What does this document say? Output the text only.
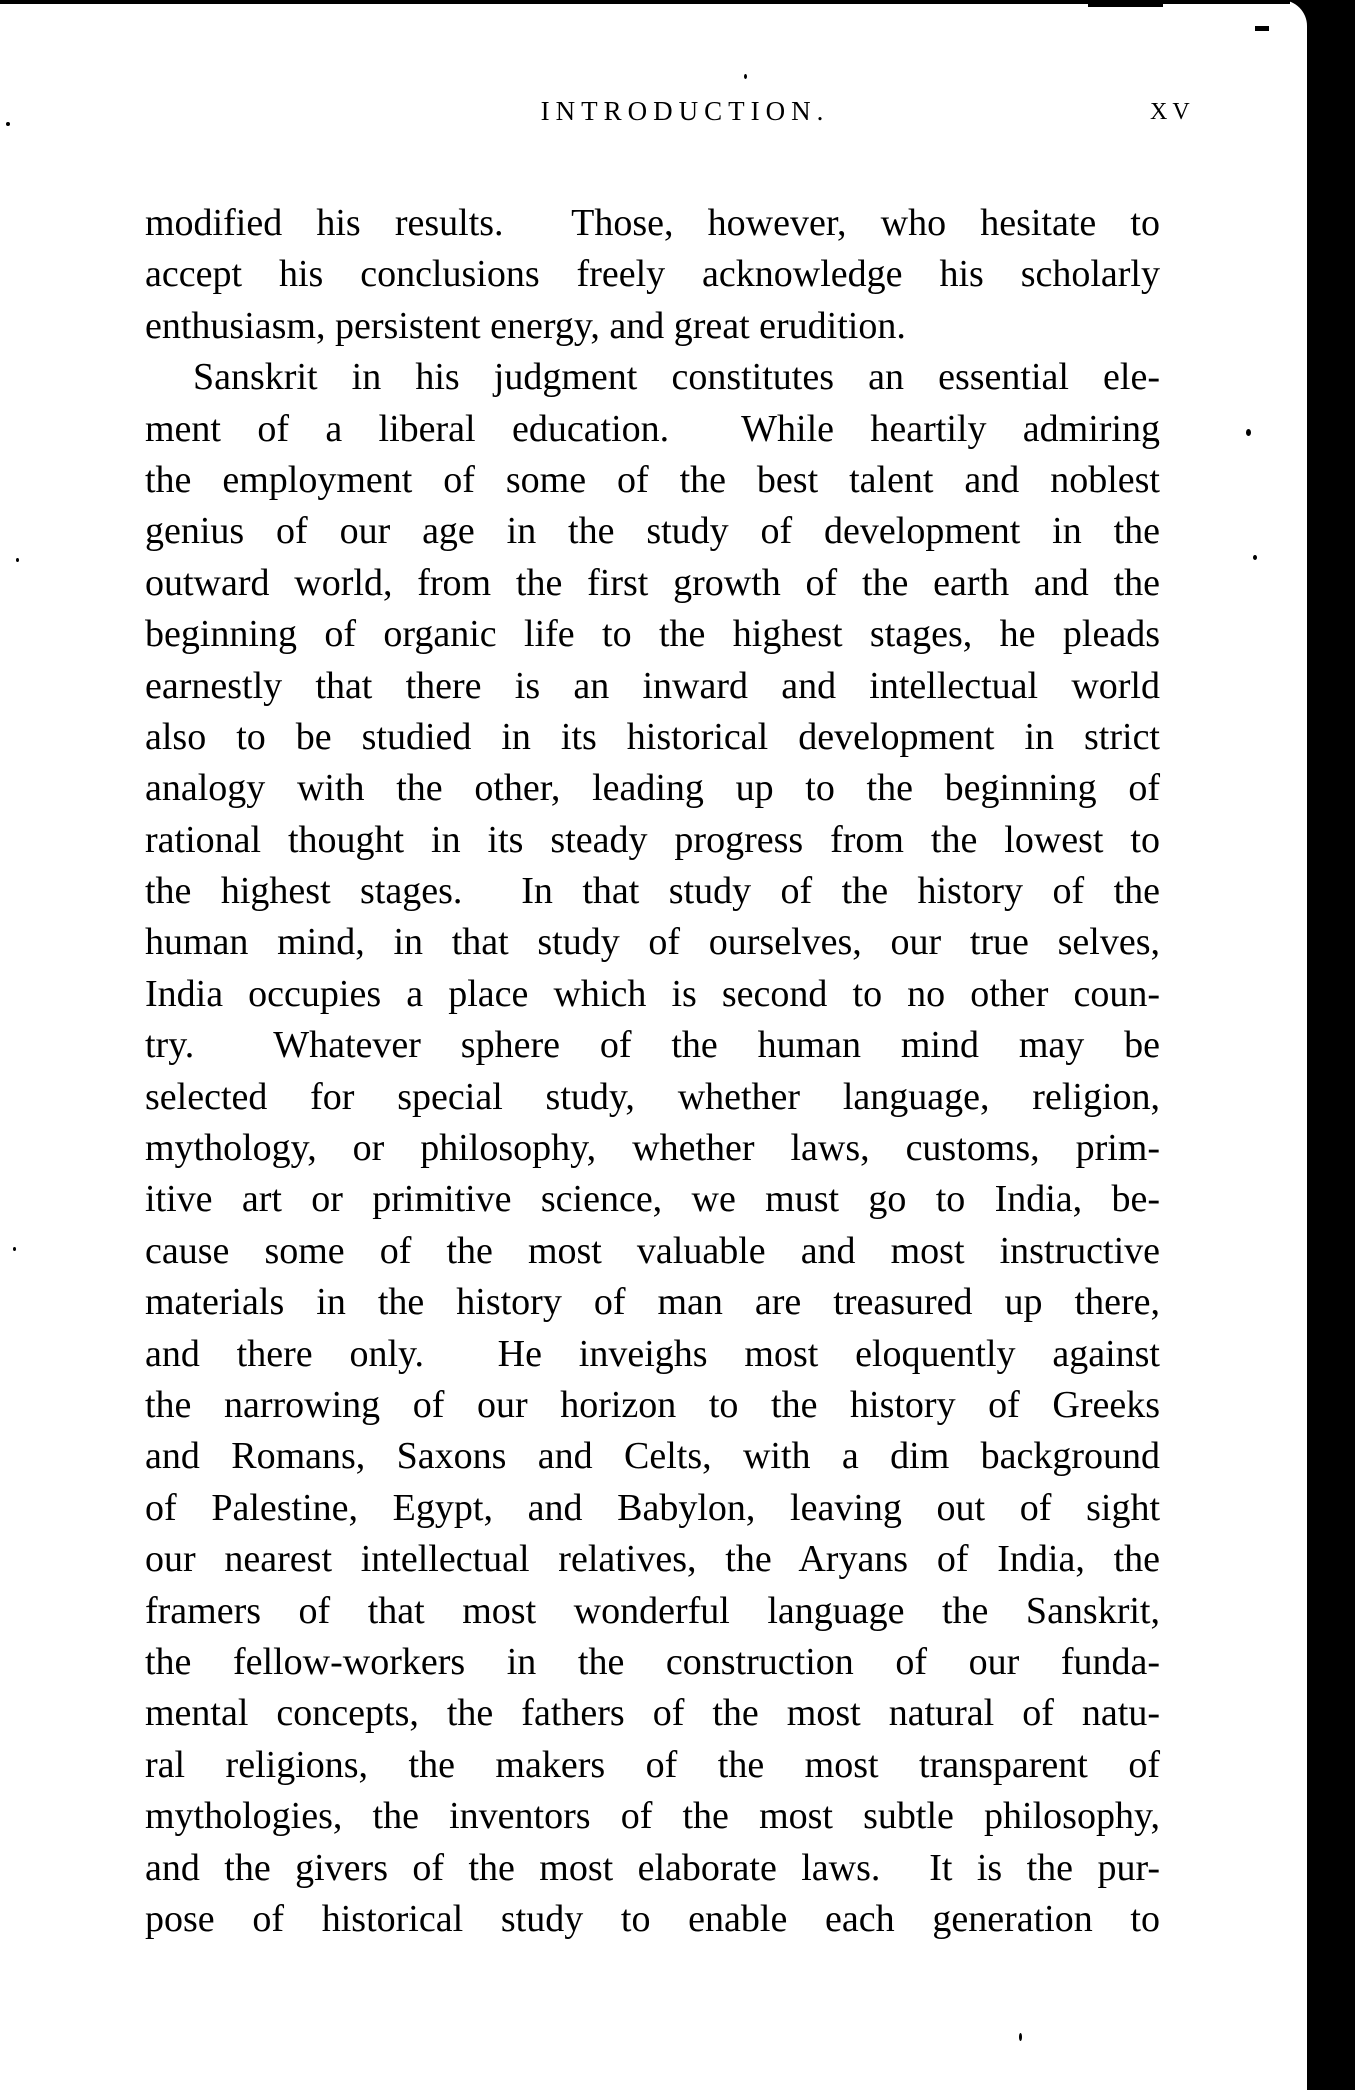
INTRODUCTION.	XV
modified his results.  Those, however, who hesitate to
accept his conclusions freely acknowledge his scholarly
enthusiasm, persistent energy, and great erudition.
Sanskrit in his judgment constitutes an essential ele-
ment of a liberal education.  While heartily admiring
the employment of some of the best talent and noblest
genius of our age in the study of development in the
outward world, from the first growth of the earth and the
beginning of organic life to the highest stages, he pleads
earnestly that there is an inward and intellectual world
also to be studied in its historical development in strict
analogy with the other, leading up to the beginning of
rational thought in its steady progress from the lowest to
the highest stages.  In that study of the history of the
human mind, in that study of ourselves, our true selves,
India occupies a place which is second to no other coun-
try.  Whatever sphere of the human mind may be
selected for special study, whether language, religion,
mythology, or philosophy, whether laws, customs, prim-
itive art or primitive science, we must go to India, be-
cause some of the most valuable and most instructive
materials in the history of man are treasured up there,
and there only.  He inveighs most eloquently against
the narrowing of our horizon to the history of Greeks
and Romans, Saxons and Celts, with a dim background
of Palestine, Egypt, and Babylon, leaving out of sight
our nearest intellectual relatives, the Aryans of India, the
framers of that most wonderful language the Sanskrit,
the fellow-workers in the construction of our funda-
mental concepts, the fathers of the most natural of natu-
ral religions, the makers of the most transparent of
mythologies, the inventors of the most subtle philosophy,
and the givers of the most elaborate laws.  It is the pur-
pose of historical study to enable each generation to
